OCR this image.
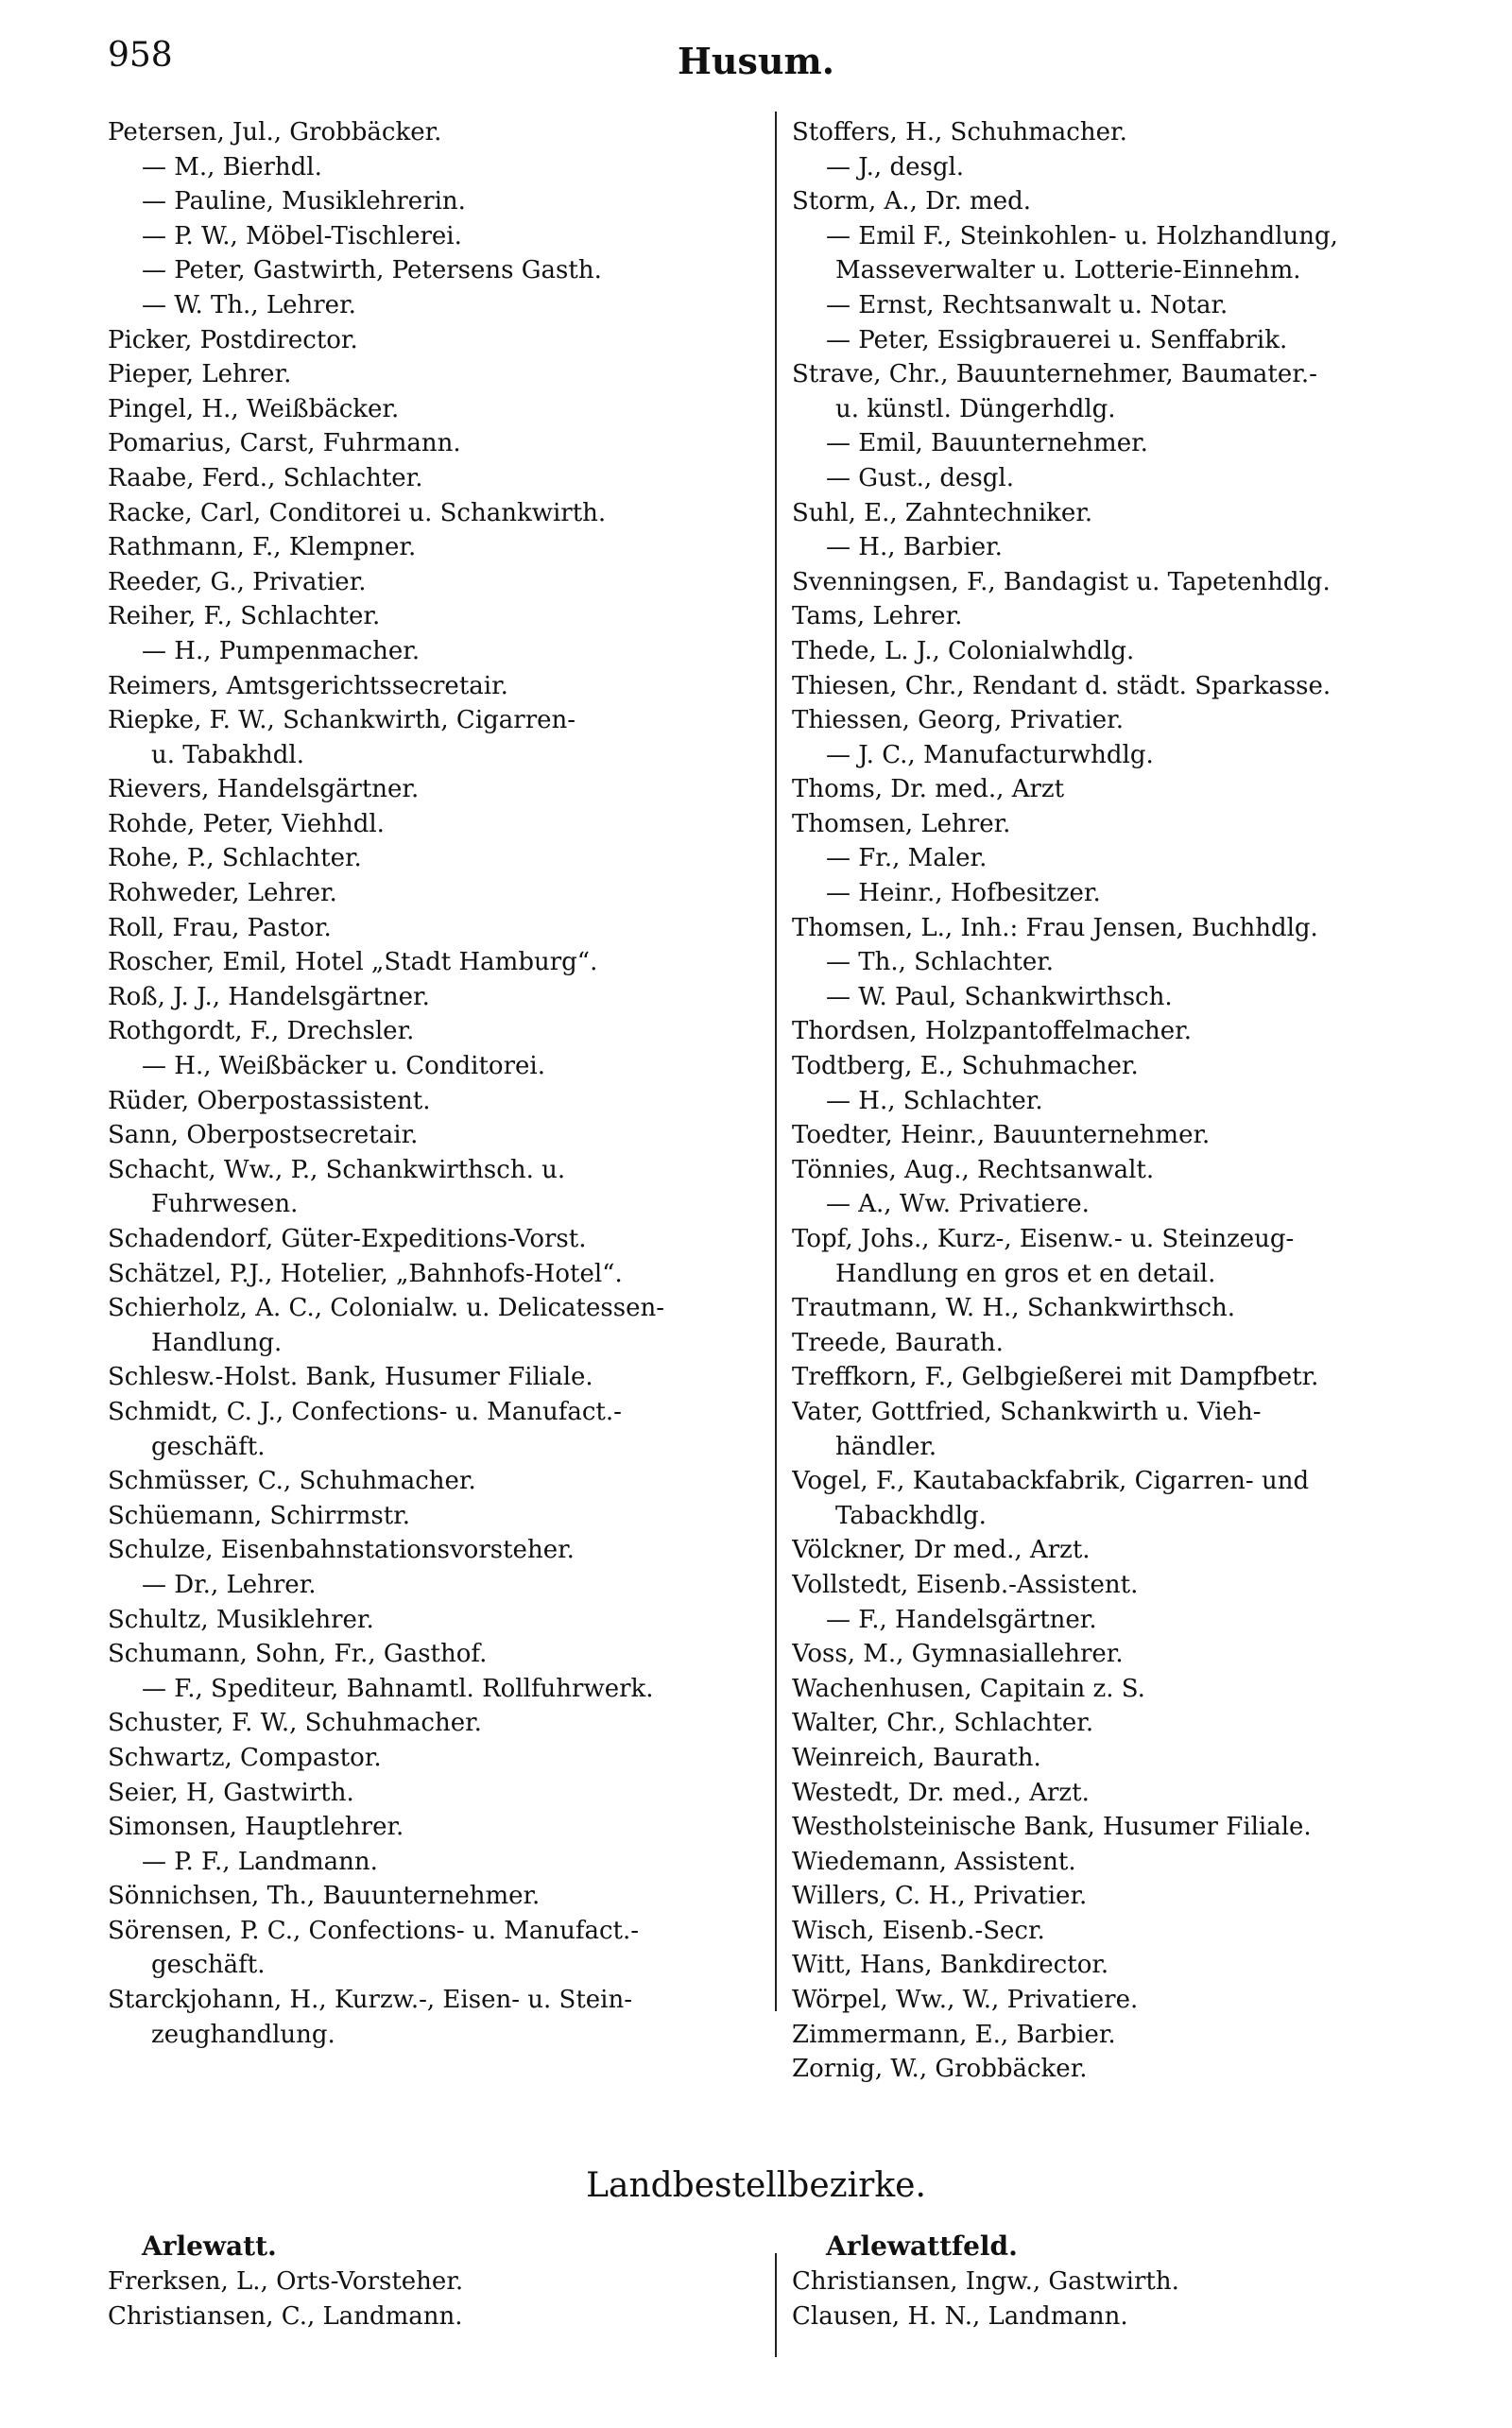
958	Husum.
Petersen, Jul., Grobbäcker.
— M., Bierhdl.
— Pauline, Musiklehrerin.
— P. W., Möbel-Tischlerei.
— Peter, Gastwirth, Petersens Gasth.
— W. Th., Lehrer.
Picker, Postdirector.
Pieper, Lehrer.
Pingel, H., Weißbäcker.
Pomarius, Carst, Fuhrmann.
Raabe, Ferd., Schlachter.
Racke, Carl, Conditorei u. Schankwirth.
Rathmann, F., Klempner.
Reeder, G., Privatier.
Reiher, F., Schlachter.
— H., Pumpenmacher.
Reimers, Amtsgerichtssecretair.
Riepke, F. W., Schankwirth, Cigarren-
u. Tabakhdl.
Rievers, Handelsgärtner.
Rohde, Peter, Viehhdl.
Rohe, P., Schlachter.
Rohweder, Lehrer.
Roll, Frau, Pastor.
Roscher, Emil, Hotel „Stadt Hamburg“.
Roß, J. J., Handelsgärtner.
Rothgordt, F., Drechsler.
— H., Weißbäcker u. Conditorei.
Rüder, Oberpostassistent.
Sann, Oberpostsecretair.
Schacht, Ww., P., Schankwirthsch. u.
Fuhrwesen.
Schadendorf, Güter-Expeditions-Vorst.
Schätzel, P.J., Hotelier, „Bahnhofs-Hotel“.
Schierholz, A. C., Colonialw. u. Delicatessen-
Handlung.
Schlesw.-Holst. Bank, Husumer Filiale.
Schmidt, C. J., Confections- u. Manufact.-
geschäft.
Schmüsser, C., Schuhmacher.
Schüemann, Schirrmstr.
Schulze, Eisenbahnstationsvorsteher.
— Dr., Lehrer.
Schultz, Musiklehrer.
Schumann, Sohn, Fr., Gasthof.
— F., Spediteur, Bahnamtl. Rollfuhrwerk.
Schuster, F. W., Schuhmacher.
Schwartz, Compastor.
Seier, H, Gastwirth.
Simonsen, Hauptlehrer.
— P. F., Landmann.
Sönnichsen, Th., Bauunternehmer.
Sörensen, P. C., Confections- u. Manufact.-
geschäft.
Starckjohann, H., Kurzw.-, Eisen- u. Stein-
zeughandlung.
Stoffers, H., Schuhmacher.
— J., desgl.
Storm, A., Dr. med.
— Emil F., Steinkohlen- u. Holzhandlung,
Masseverwalter u. Lotterie-Einnehm.
— Ernst, Rechtsanwalt u. Notar.
— Peter, Essigbrauerei u. Senffabrik.
Strave, Chr., Bauunternehmer, Baumater.-
u. künstl. Düngerhdlg.
— Emil, Bauunternehmer.
— Gust., desgl.
Suhl, E., Zahntechniker.
— H., Barbier.
Svenningsen, F., Bandagist u. Tapetenhdlg.
Tams, Lehrer.
Thede, L. J., Colonialwhdlg.
Thiesen, Chr., Rendant d. städt. Sparkasse.
Thiessen, Georg, Privatier.
— J. C., Manufacturwhdlg.
Thoms, Dr. med., Arzt
Thomsen, Lehrer.
— Fr., Maler.
— Heinr., Hofbesitzer.
Thomsen, L., Inh.: Frau Jensen, Buchhdlg.
— Th., Schlachter.
— W. Paul, Schankwirthsch.
Thordsen, Holzpantoffelmacher.
Todtberg, E., Schuhmacher.
— H., Schlachter.
Toedter, Heinr., Bauunternehmer.
Tönnies, Aug., Rechtsanwalt.
— A., Ww. Privatiere.
Topf, Johs., Kurz-, Eisenw.- u. Steinzeug-
Handlung en gros et en detail.
Trautmann, W. H., Schankwirthsch.
Treede, Baurath.
Treffkorn, F., Gelbgießerei mit Dampfbetr.
Vater, Gottfried, Schankwirth u. Vieh-
händler.
Vogel, F., Kautabackfabrik, Cigarren- und
Tabackhdlg.
Völckner, Dr med., Arzt.
Vollstedt, Eisenb.-Assistent.
— F., Handelsgärtner.
Voss, M., Gymnasiallehrer.
Wachenhusen, Capitain z. S.
Walter, Chr., Schlachter.
Weinreich, Baurath.
Westedt, Dr. med., Arzt.
Westholsteinische Bank, Husumer Filiale.
Wiedemann, Assistent.
Willers, C. H., Privatier.
Wisch, Eisenb.-Secr.
Witt, Hans, Bankdirector.
Wörpel, Ww., W., Privatiere.
Zimmermann, E., Barbier.
Zornig, W., Grobbäcker.
Landbestellbezirke.
Arlewatt.
Frerksen, L., Orts-Vorsteher.
Christiansen, C., Landmann.
Arlewattfeld.
Christiansen, Ingw., Gastwirth.
Clausen, H. N., Landmann.
